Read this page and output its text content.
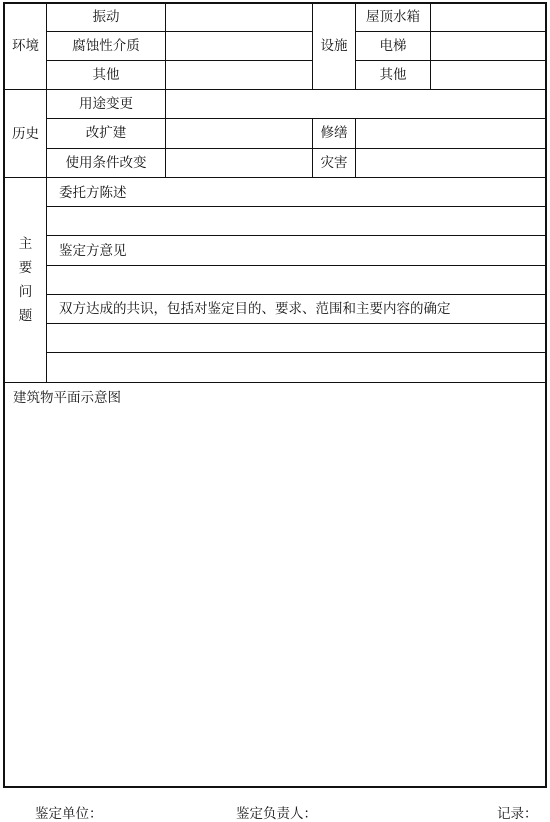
环境
振动
腐蚀性介质
其他
设施
屋顶水箱
电梯
其他
历史
用途变更
改扩建
使用条件改变
修缮
灾害
主
要
问
题
委托方陈述
鉴定方意见
双方达成的共识，包括对鉴定目的、要求、范围和主要内容的确定
建筑物平面示意图
鉴定单位：	鉴定负责人：	记录：
